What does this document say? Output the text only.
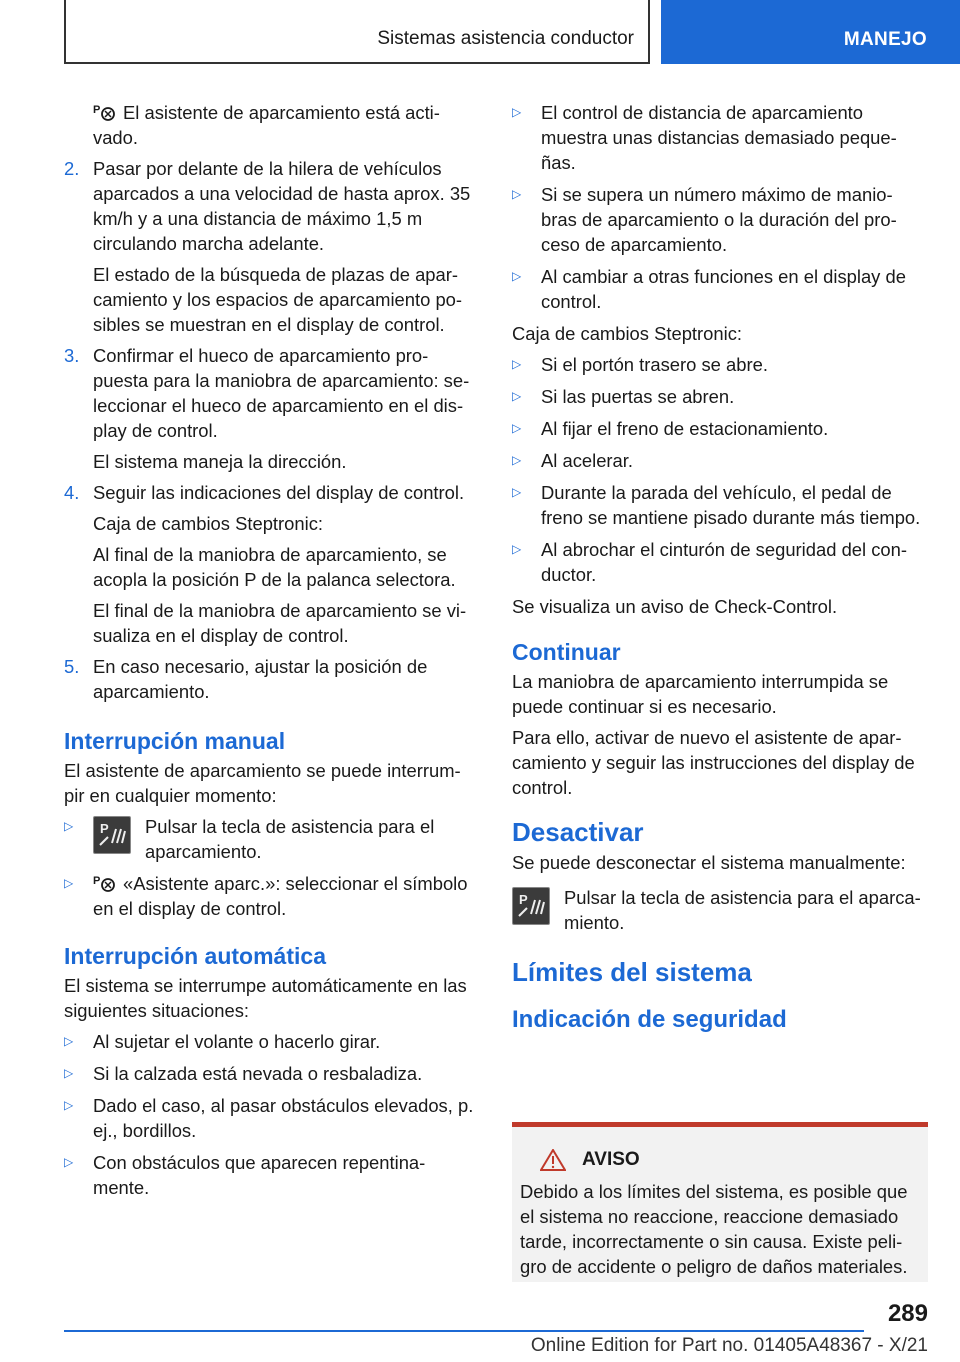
Sistemas asistencia conductor	MANEJO
P El asistente de aparcamiento está acti-vado.
2. Pasar por delante de la hilera de vehículos aparcados a una velocidad de hasta aprox. 35 km/h y a una distancia de máximo 1,5 m circulando marcha adelante.
El estado de la búsqueda de plazas de apar-camiento y los espacios de aparcamiento po-sibles se muestran en el display de control.
3. Confirmar el hueco de aparcamiento pro-puesta para la maniobra de aparcamiento: se-leccionar el hueco de aparcamiento en el dis-play de control.
El sistema maneja la dirección.
4. Seguir las indicaciones del display de control.
Caja de cambios Steptronic:
Al final de la maniobra de aparcamiento, se acopla la posición P de la palanca selectora.
El final de la maniobra de aparcamiento se vi-sualiza en el display de control.
5. En caso necesario, ajustar la posición de aparcamiento.
Interrupción manual
El asistente de aparcamiento se puede interrum-pir en cualquier momento:
▷	P Pulsar la tecla de asistencia para el aparcamiento.
▷	P «Asistente aparc.»: seleccionar el símbolo en el display de control.
Interrupción automática
El sistema se interrumpe automáticamente en las siguientes situaciones:
▷	Al sujetar el volante o hacerlo girar.
▷	Si la calzada está nevada o resbaladiza.
▷	Dado el caso, al pasar obstáculos elevados, p. ej., bordillos.
▷	Con obstáculos que aparecen repentina-mente.
▷	El control de distancia de aparcamiento muestra unas distancias demasiado peque-ñas.
▷	Si se supera un número máximo de manio-bras de aparcamiento o la duración del pro-ceso de aparcamiento.
▷	Al cambiar a otras funciones en el display de control.
Caja de cambios Steptronic:
▷	Si el portón trasero se abre.
▷	Si las puertas se abren.
▷	Al fijar el freno de estacionamiento.
▷	Al acelerar.
▷	Durante la parada del vehículo, el pedal de freno se mantiene pisado durante más tiempo.
▷	Al abrochar el cinturón de seguridad del con-ductor.
Se visualiza un aviso de Check-Control.
Continuar
La maniobra de aparcamiento interrumpida se puede continuar si es necesario.
Para ello, activar de nuevo el asistente de apar-camiento y seguir las instrucciones del display de control.
Desactivar
Se puede desconectar el sistema manualmente:
P Pulsar la tecla de asistencia para el aparca-miento.
Límites del sistema
Indicación de seguridad
AVISO
Debido a los límites del sistema, es posible que el sistema no reaccione, reaccione demasiado tarde, incorrectamente o sin causa. Existe peli-gro de accidente o peligro de daños materiales.
289
Online Edition for Part no. 01405A48367 - X/21
